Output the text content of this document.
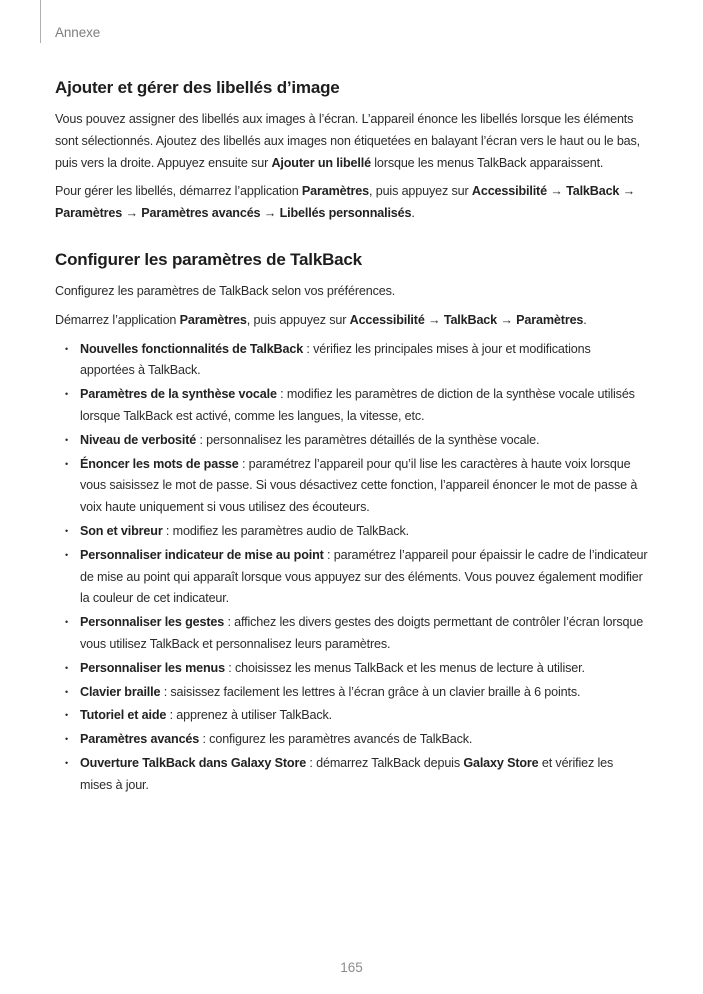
Annexe
Ajouter et gérer des libellés d’image

Vous pouvez assigner des libellés aux images à l’écran. L’appareil énonce les libellés lorsque les éléments sont sélectionnés. Ajoutez des libellés aux images non étiquetées en balayant l’écran vers le haut ou le bas, puis vers la droite. Appuyez ensuite sur Ajouter un libellé lorsque les menus TalkBack apparaissent.

Pour gérer les libellés, démarrez l’application Paramètres, puis appuyez sur Accessibilité → TalkBack → Paramètres → Paramètres avancés → Libellés personnalisés.

Configurer les paramètres de TalkBack

Configurez les paramètres de TalkBack selon vos préférences.

Démarrez l’application Paramètres, puis appuyez sur Accessibilité → TalkBack → Paramètres.

• Nouvelles fonctionnalités de TalkBack : vérifiez les principales mises à jour et modifications apportées à TalkBack.
• Paramètres de la synthèse vocale : modifiez les paramètres de diction de la synthèse vocale utilisés lorsque TalkBack est activé, comme les langues, la vitesse, etc.
• Niveau de verbosité : personnalisez les paramètres détaillés de la synthèse vocale.
• Énoncer les mots de passe : paramétrez l’appareil pour qu’il lise les caractères à haute voix lorsque vous saisissez le mot de passe. Si vous désactivez cette fonction, l’appareil énoncer le mot de passe à voix haute uniquement si vous utilisez des écouteurs.
• Son et vibreur : modifiez les paramètres audio de TalkBack.
• Personnaliser indicateur de mise au point : paramétrez l’appareil pour épaissir le cadre de l’indicateur de mise au point qui apparaît lorsque vous appuyez sur des éléments. Vous pouvez également modifier la couleur de cet indicateur.
• Personnaliser les gestes : affichez les divers gestes des doigts permettant de contrôler l’écran lorsque vous utilisez TalkBack et personnalisez leurs paramètres.
• Personnaliser les menus : choisissez les menus TalkBack et les menus de lecture à utiliser.
• Clavier braille : saisissez facilement les lettres à l’écran grâce à un clavier braille à 6 points.
• Tutoriel et aide : apprenez à utiliser TalkBack.
• Paramètres avancés : configurez les paramètres avancés de TalkBack.
• Ouverture TalkBack dans Galaxy Store : démarrez TalkBack depuis Galaxy Store et vérifiez les mises à jour.
165
